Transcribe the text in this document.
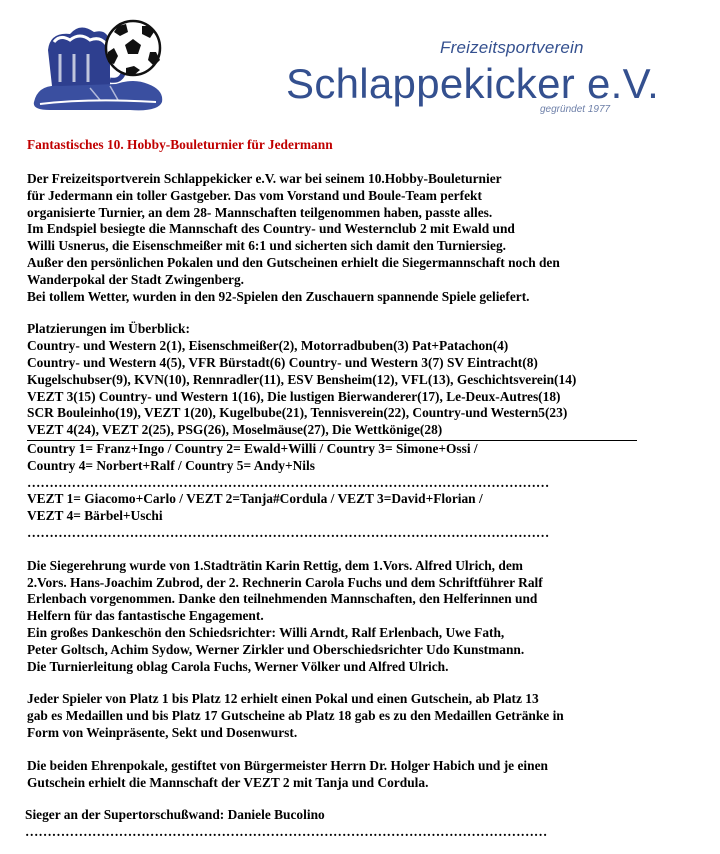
Freizeitsportverein
Schlappekicker e.V.
gegründet 1977

Fantastisches 10. Hobby-Bouleturnier für Jedermann

Der Freizeitsportverein Schlappekicker e.V. war bei seinem 10.Hobby-Bouleturnier
für Jedermann ein toller Gastgeber. Das vom Vorstand und Boule-Team perfekt
organisierte Turnier, an dem 28- Mannschaften teilgenommen haben, passte alles.
Im Endspiel besiegte die Mannschaft des Country- und Westernclub 2 mit Ewald und
Willi Usnerus, die Eisenschmeißer mit 6:1 und sicherten sich damit den Turniersieg.
Außer den persönlichen Pokalen und den Gutscheinen erhielt die Siegermannschaft noch den
Wanderpokal der Stadt Zwingenberg.
Bei tollem Wetter, wurden in den 92-Spielen den Zuschauern spannende Spiele geliefert.
Platzierungen im Überblick:
Country- und Western 2(1), Eisenschmeißer(2), Motorradbuben(3) Pat+Patachon(4)
Country- und Western 4(5), VFR Bürstadt(6) Country- und Western 3(7) SV Eintracht(8)
Kugelschubser(9), KVN(10), Rennradler(11), ESV Bensheim(12), VFL(13), Geschichtsverein(14)
VEZT 3(15) Country- und Western 1(16), Die lustigen Bierwanderer(17), Le-Deux-Autres(18)
SCR Bouleinho(19), VEZT 1(20), Kugelbube(21), Tennisverein(22), Country-und Western5(23)
VEZT 4(24), VEZT 2(25), PSG(26), Moselmäuse(27), Die Wettkönige(28)
Country 1= Franz+Ingo / Country 2= Ewald+Willi / Country 3= Simone+Ossi /
Country 4= Norbert+Ralf / Country 5= Andy+Nils
………………………………………………………………………………………………………
VEZT 1= Giacomo+Carlo / VEZT 2=Tanja#Cordula / VEZT 3=David+Florian /
VEZT 4= Bärbel+Uschi
………………………………………………………………………………………………………
Die Siegerehrung wurde von 1.Stadträtin Karin Rettig, dem 1.Vors. Alfred Ulrich, dem
2.Vors. Hans-Joachim Zubrod, der 2. Rechnerin Carola Fuchs und dem Schriftführer Ralf
Erlenbach vorgenommen. Danke den teilnehmenden Mannschaften, den Helferinnen und
Helfern für das fantastische Engagement.
Ein großes Dankeschön den Schiedsrichter: Willi Arndt, Ralf Erlenbach, Uwe Fath,
Peter Goltsch, Achim Sydow, Werner Zirkler und Oberschiedsrichter Udo Kunstmann.
Die Turnierleitung oblag Carola Fuchs, Werner Völker und Alfred Ulrich.
Jeder Spieler von Platz 1 bis Platz 12 erhielt einen Pokal und einen Gutschein, ab Platz 13
gab es Medaillen und bis Platz 17 Gutscheine ab Platz 18 gab es zu den Medaillen Getränke in
Form von Weinpräsente, Sekt und Dosenwurst.
Die beiden Ehrenpokale, gestiftet von Bürgermeister Herrn Dr. Holger Habich und je einen
Gutschein erhielt die Mannschaft der VEZT 2 mit Tanja und Cordula.
Sieger an der Supertorschußwand: Daniele Bucolino
………………………………………………………………………………………………………
